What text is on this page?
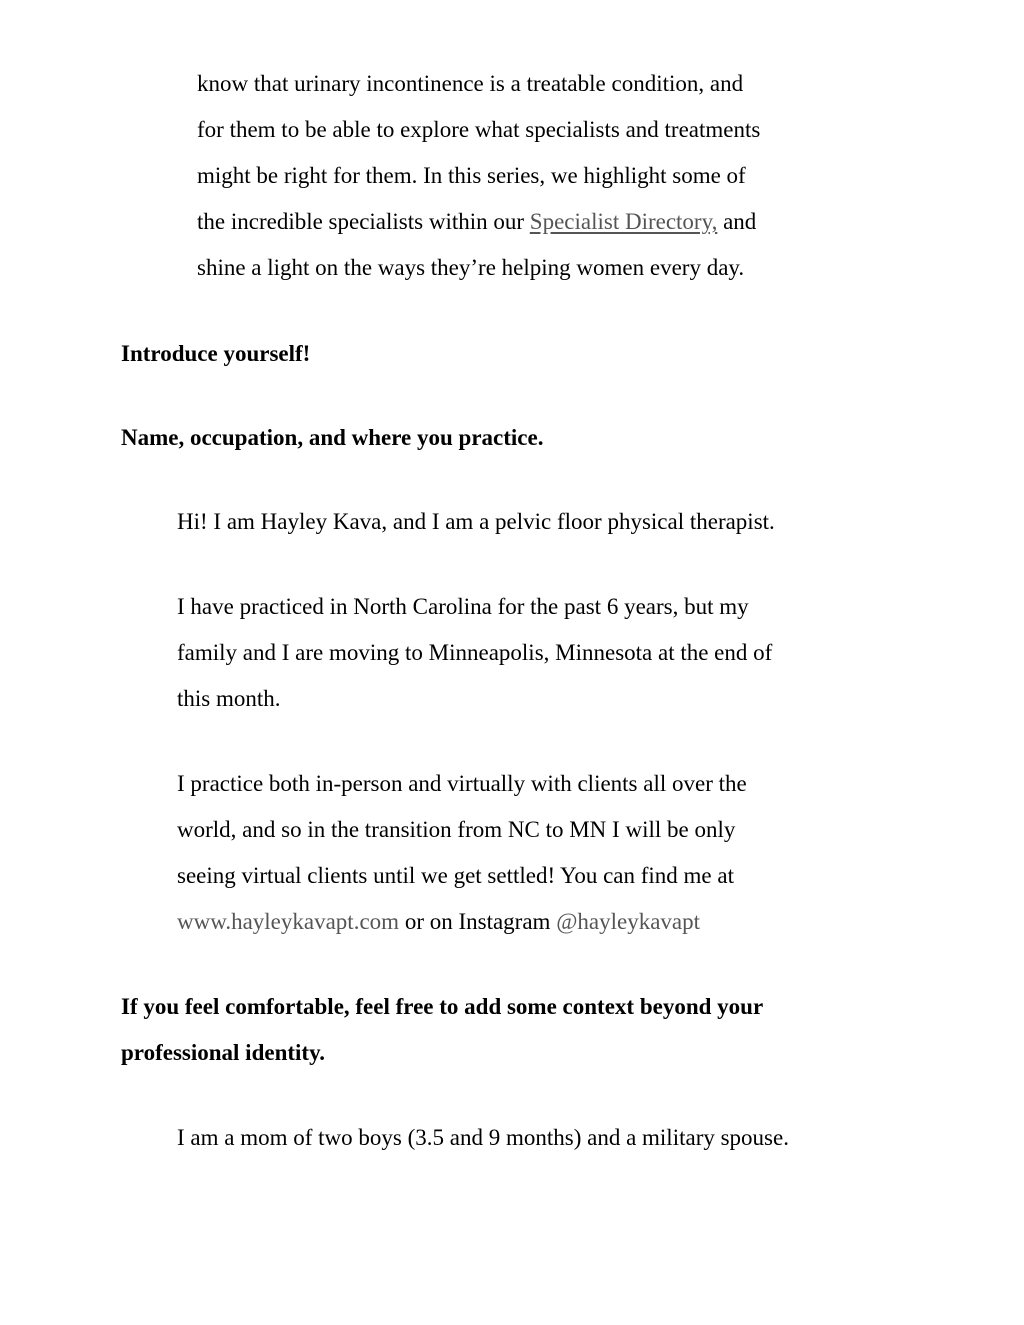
know that urinary incontinence is a treatable condition, and
for them to be able to explore what specialists and treatments
might be right for them. In this series, we highlight some of
the incredible specialists within our Specialist Directory, and
shine a light on the ways they’re helping women every day.
Introduce yourself!
Name, occupation, and where you practice.
Hi! I am Hayley Kava, and I am a pelvic floor physical therapist.
I have practiced in North Carolina for the past 6 years, but my
family and I are moving to Minneapolis, Minnesota at the end of
this month.
I practice both in-person and virtually with clients all over the
world, and so in the transition from NC to MN I will be only
seeing virtual clients until we get settled! You can find me at
www.hayleykavapt.com or on Instagram @hayleykavapt
If you feel comfortable, feel free to add some context beyond your
professional identity.
I am a mom of two boys (3.5 and 9 months) and a military spouse.
